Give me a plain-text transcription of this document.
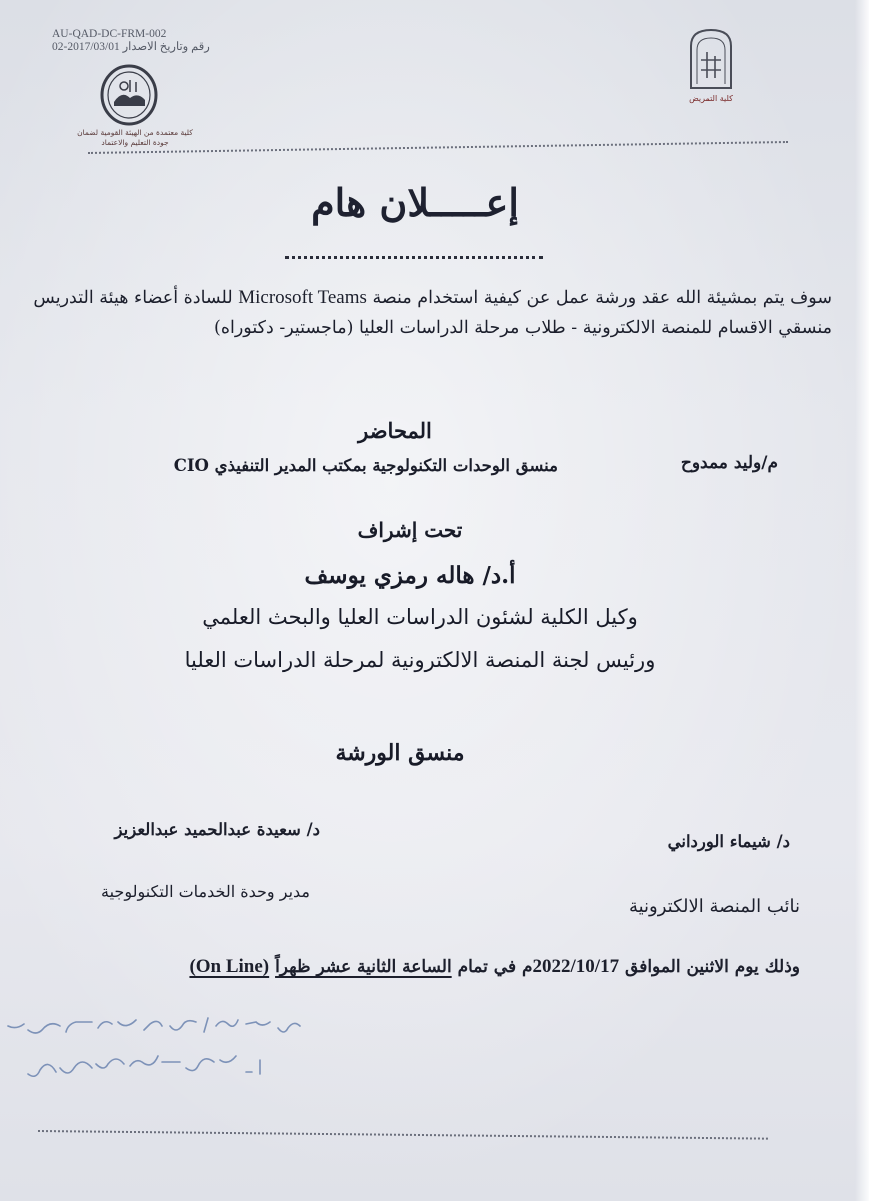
AU-QAD-DC-FRM-002
رقم وتاريخ الاصدار 2017/03/01-02
كلية معتمدة من الهيئة القومية لضمان جودة التعليم والاعتماد
كلية التمريض
إعـــــلان هام
سوف يتم بمشيئة الله عقد ورشة عمل عن كيفية استخدام منصة Microsoft Teams للسادة أعضاء هيئة التدريس منسقي الاقسام للمنصة الالكترونية - طلاب مرحلة الدراسات العليا (ماجستير- دكتوراه)
المحاضر
م/وليد ممدوح
منسق الوحدات التكنولوجية بمكتب المدير التنفيذي CIO
تحت إشراف
أ.د/ هاله رمزي يوسف
وكيل الكلية لشئون الدراسات العليا والبحث العلمي
ورئيس لجنة المنصة الالكترونية لمرحلة الدراسات العليا
منسق الورشة
د/ شيماء الورداني
د/ سعيدة عبدالحميد عبدالعزيز
نائب المنصة الالكترونية
مدير وحدة الخدمات التكنولوجية
وذلك يوم الاثنين الموافق 2022/10/17م في تمام الساعة الثانية عشر ظهراً (On Line)
